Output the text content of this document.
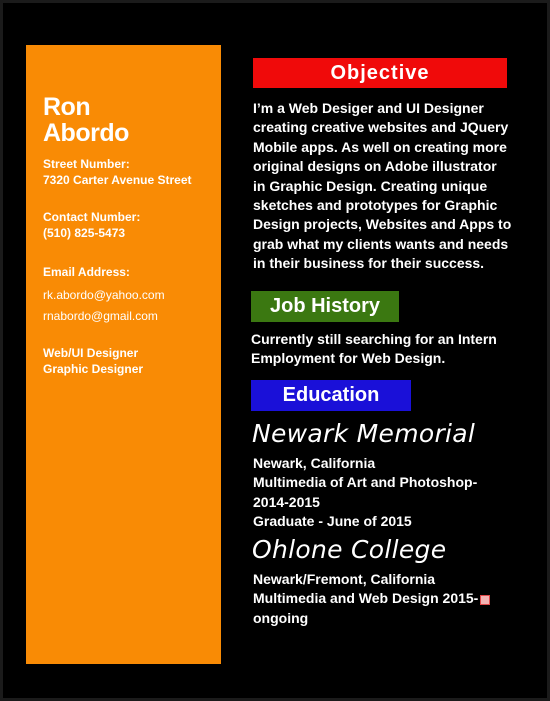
Ron
Abordo
Street Number:
7320 Carter Avenue Street
Contact Number:
(510) 825-5473
Email Address:
rk.abordo@yahoo.com
rnabordo@gmail.com
Web/UI Designer
Graphic Designer
Objective
I’m a Web Desiger and UI Designer
creating creative websites and JQuery
Mobile apps. As well on creating more
original designs on Adobe illustrator
in Graphic Design. Creating unique
sketches and prototypes for Graphic
Design projects, Websites and Apps to
grab what my clients wants and needs
in their business for their success.
Job History
Currently still searching for an Intern
Employment for Web Design.
Education
Newark Memorial
Newark, California
Multimedia of Art and Photoshop-
2014-2015
Graduate - June of 2015
Ohlone College
Newark/Fremont, California
Multimedia and Web Design 2015-
ongoing
